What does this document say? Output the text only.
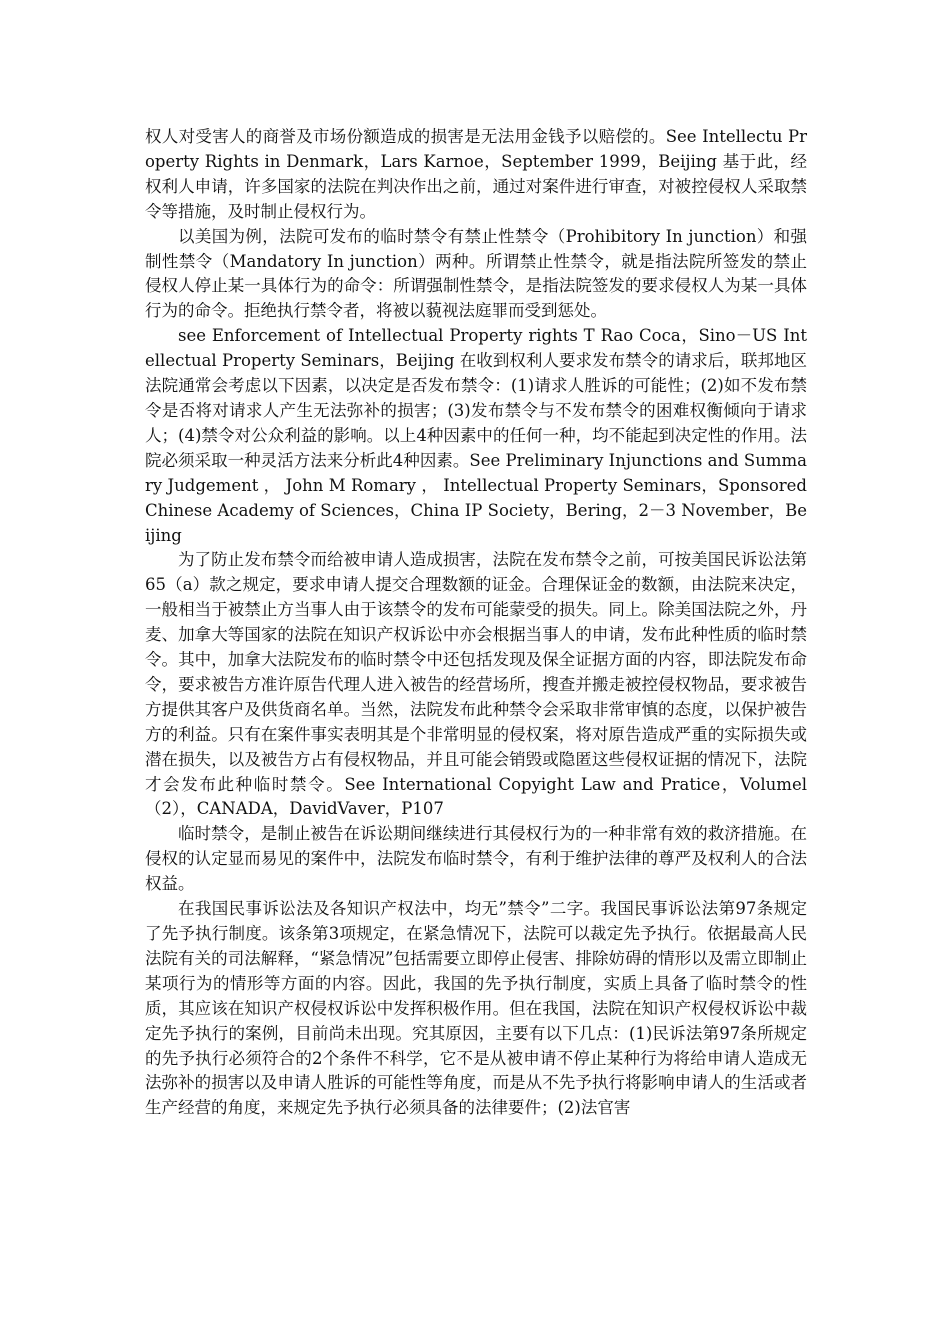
权人对受害人的商誉及市场份额造成的损害是无法用金钱予以赔偿的。See Intellectu Property Rights in Denmark，Lars Karnoe，September 1999，Beijing 基于此，经权利人申请，许多国家的法院在判决作出之前，通过对案件进行审查，对被控侵权人采取禁令等措施，及时制止侵权行为。

以美国为例，法院可发布的临时禁令有禁止性禁令（Prohibitory In junction）和强制性禁令（Mandatory In junction）两种。所谓禁止性禁令，就是指法院所签发的禁止侵权人停止某一具体行为的命令：所谓强制性禁令，是指法院签发的要求侵权人为某一具体行为的命令。拒绝执行禁令者，将被以藐视法庭罪而受到惩处。

see Enforcement of Intellectual Property rights T Rao Coca，Sino－US Intellectual Property Seminars，Beijing 在收到权利人要求发布禁令的请求后，联邦地区法院通常会考虑以下因素，以决定是否发布禁令：(1)请求人胜诉的可能性；(2)如不发布禁令是否将对请求人产生无法弥补的损害；(3)发布禁令与不发布禁令的困难权衡倾向于请求人；(4)禁令对公众利益的影响。以上4种因素中的任何一种，均不能起到决定性的作用。法院必须采取一种灵活方法来分析此4种因素。See Preliminary Injunctions and Summary Judgement ， John M Romary ， Intellectual Property Seminars，Sponsored Chinese Academy of Sciences，China IP Society，Bering，2－3 November，Beijing

为了防止发布禁令而给被申请人造成损害，法院在发布禁令之前，可按美国民诉讼法第65（a）款之规定，要求申请人提交合理数额的证金。合理保证金的数额，由法院来决定，一般相当于被禁止方当事人由于该禁令的发布可能蒙受的损失。同上。除美国法院之外，丹麦、加拿大等国家的法院在知识产权诉讼中亦会根据当事人的申请，发布此种性质的临时禁令。其中，加拿大法院发布的临时禁令中还包括发现及保全证据方面的内容，即法院发布命令，要求被告方准许原告代理人进入被告的经营场所，搜查并搬走被控侵权物品，要求被告方提供其客户及供货商名单。当然，法院发布此种禁令会采取非常审慎的态度，以保护被告方的利益。只有在案件事实表明其是个非常明显的侵权案，将对原告造成严重的实际损失或潜在损失，以及被告方占有侵权物品，并且可能会销毁或隐匿这些侵权证据的情况下，法院才会发布此种临时禁令。See International Copyight Law and Pratice，Volumel（2），CANADA，DavidVaver，P107

临时禁令，是制止被告在诉讼期间继续进行其侵权行为的一种非常有效的救济措施。在侵权的认定显而易见的案件中，法院发布临时禁令，有利于维护法律的尊严及权利人的合法权益。

在我国民事诉讼法及各知识产权法中，均无”禁令”二字。我国民事诉讼法第97条规定了先予执行制度。该条第3项规定，在紧急情况下，法院可以裁定先予执行。依据最高人民法院有关的司法解释，“紧急情况”包括需要立即停止侵害、排除妨碍的情形以及需立即制止某项行为的情形等方面的内容。因此，我国的先予执行制度，实质上具备了临时禁令的性质，其应该在知识产权侵权诉讼中发挥积极作用。但在我国，法院在知识产权侵权诉讼中裁定先予执行的案例，目前尚未出现。究其原因，主要有以下几点：(1)民诉法第97条所规定的先予执行必须符合的2个条件不科学，它不是从被申请不停止某种行为将给申请人造成无法弥补的损害以及申请人胜诉的可能性等角度，而是从不先予执行将影响申请人的生活或者生产经营的角度，来规定先予执行必须具备的法律要件；(2)法官害
